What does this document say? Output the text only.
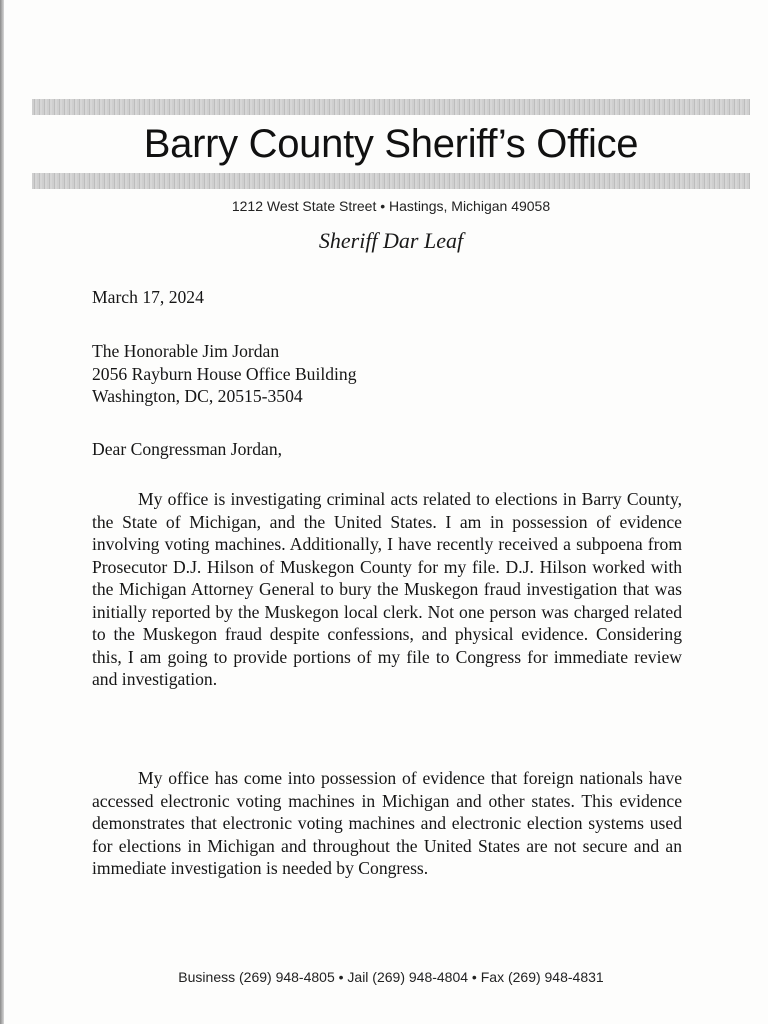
Barry County Sheriff’s Office
1212 West State Street • Hastings, Michigan 49058
Sheriff Dar Leaf
March 17, 2024
The Honorable Jim Jordan
2056 Rayburn House Office Building
Washington, DC, 20515-3504
Dear Congressman Jordan,
My office is investigating criminal acts related to elections in Barry County, the State of Michigan, and the United States. I am in possession of evidence involving voting machines. Additionally, I have recently received a subpoena from Prosecutor D.J. Hilson of Muskegon County for my file. D.J. Hilson worked with the Michigan Attorney General to bury the Muskegon fraud investigation that was initially reported by the Muskegon local clerk. Not one person was charged related to the Muskegon fraud despite confessions, and physical evidence. Considering this, I am going to provide portions of my file to Congress for immediate review and investigation.
My office has come into possession of evidence that foreign nationals have accessed electronic voting machines in Michigan and other states. This evidence demonstrates that electronic voting machines and electronic election systems used for elections in Michigan and throughout the United States are not secure and an immediate investigation is needed by Congress.
Business (269) 948-4805 • Jail (269) 948-4804 • Fax (269) 948-4831
